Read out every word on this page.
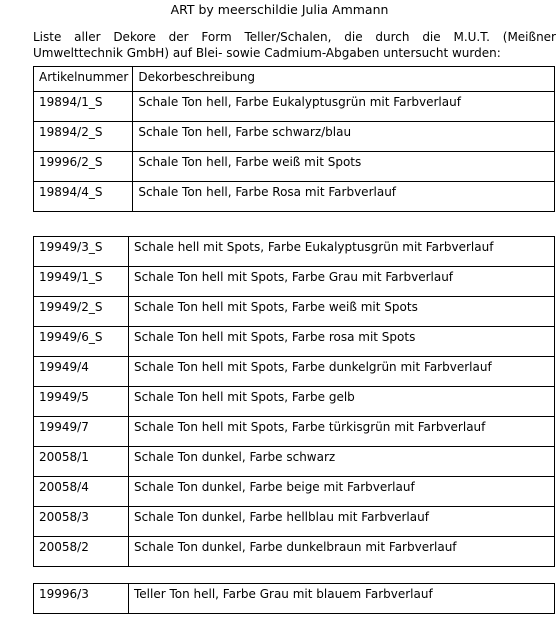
ART by meerschildie Julia Ammann

Liste aller Dekore der Form Teller/Schalen, die durch die M.U.T. (Meißner Umwelttechnik GmbH) auf Blei- sowie Cadmium-Abgaben untersucht wurden:

Artikelnummer	Dekorbeschreibung
19894/1_S	Schale Ton hell, Farbe Eukalyptusgrün mit Farbverlauf
19894/2_S	Schale Ton hell, Farbe schwarz/blau
19996/2_S	Schale Ton hell, Farbe weiß mit Spots
19894/4_S	Schale Ton hell, Farbe Rosa mit Farbverlauf
19949/3_S	Schale hell mit Spots, Farbe Eukalyptusgrün mit Farbverlauf
19949/1_S	Schale Ton hell mit Spots, Farbe Grau mit Farbverlauf
19949/2_S	Schale Ton hell mit Spots, Farbe weiß mit Spots
19949/6_S	Schale Ton hell mit Spots, Farbe rosa mit Spots
19949/4	Schale Ton hell mit Spots, Farbe dunkelgrün mit Farbverlauf
19949/5	Schale Ton hell mit Spots, Farbe gelb
19949/7	Schale Ton hell mit Spots, Farbe türkisgrün mit Farbverlauf
20058/1	Schale Ton dunkel, Farbe schwarz
20058/4	Schale Ton dunkel, Farbe beige mit Farbverlauf
20058/3	Schale Ton dunkel, Farbe hellblau mit Farbverlauf
20058/2	Schale Ton dunkel, Farbe dunkelbraun mit Farbverlauf
19996/3	Teller Ton hell, Farbe Grau mit blauem Farbverlauf
